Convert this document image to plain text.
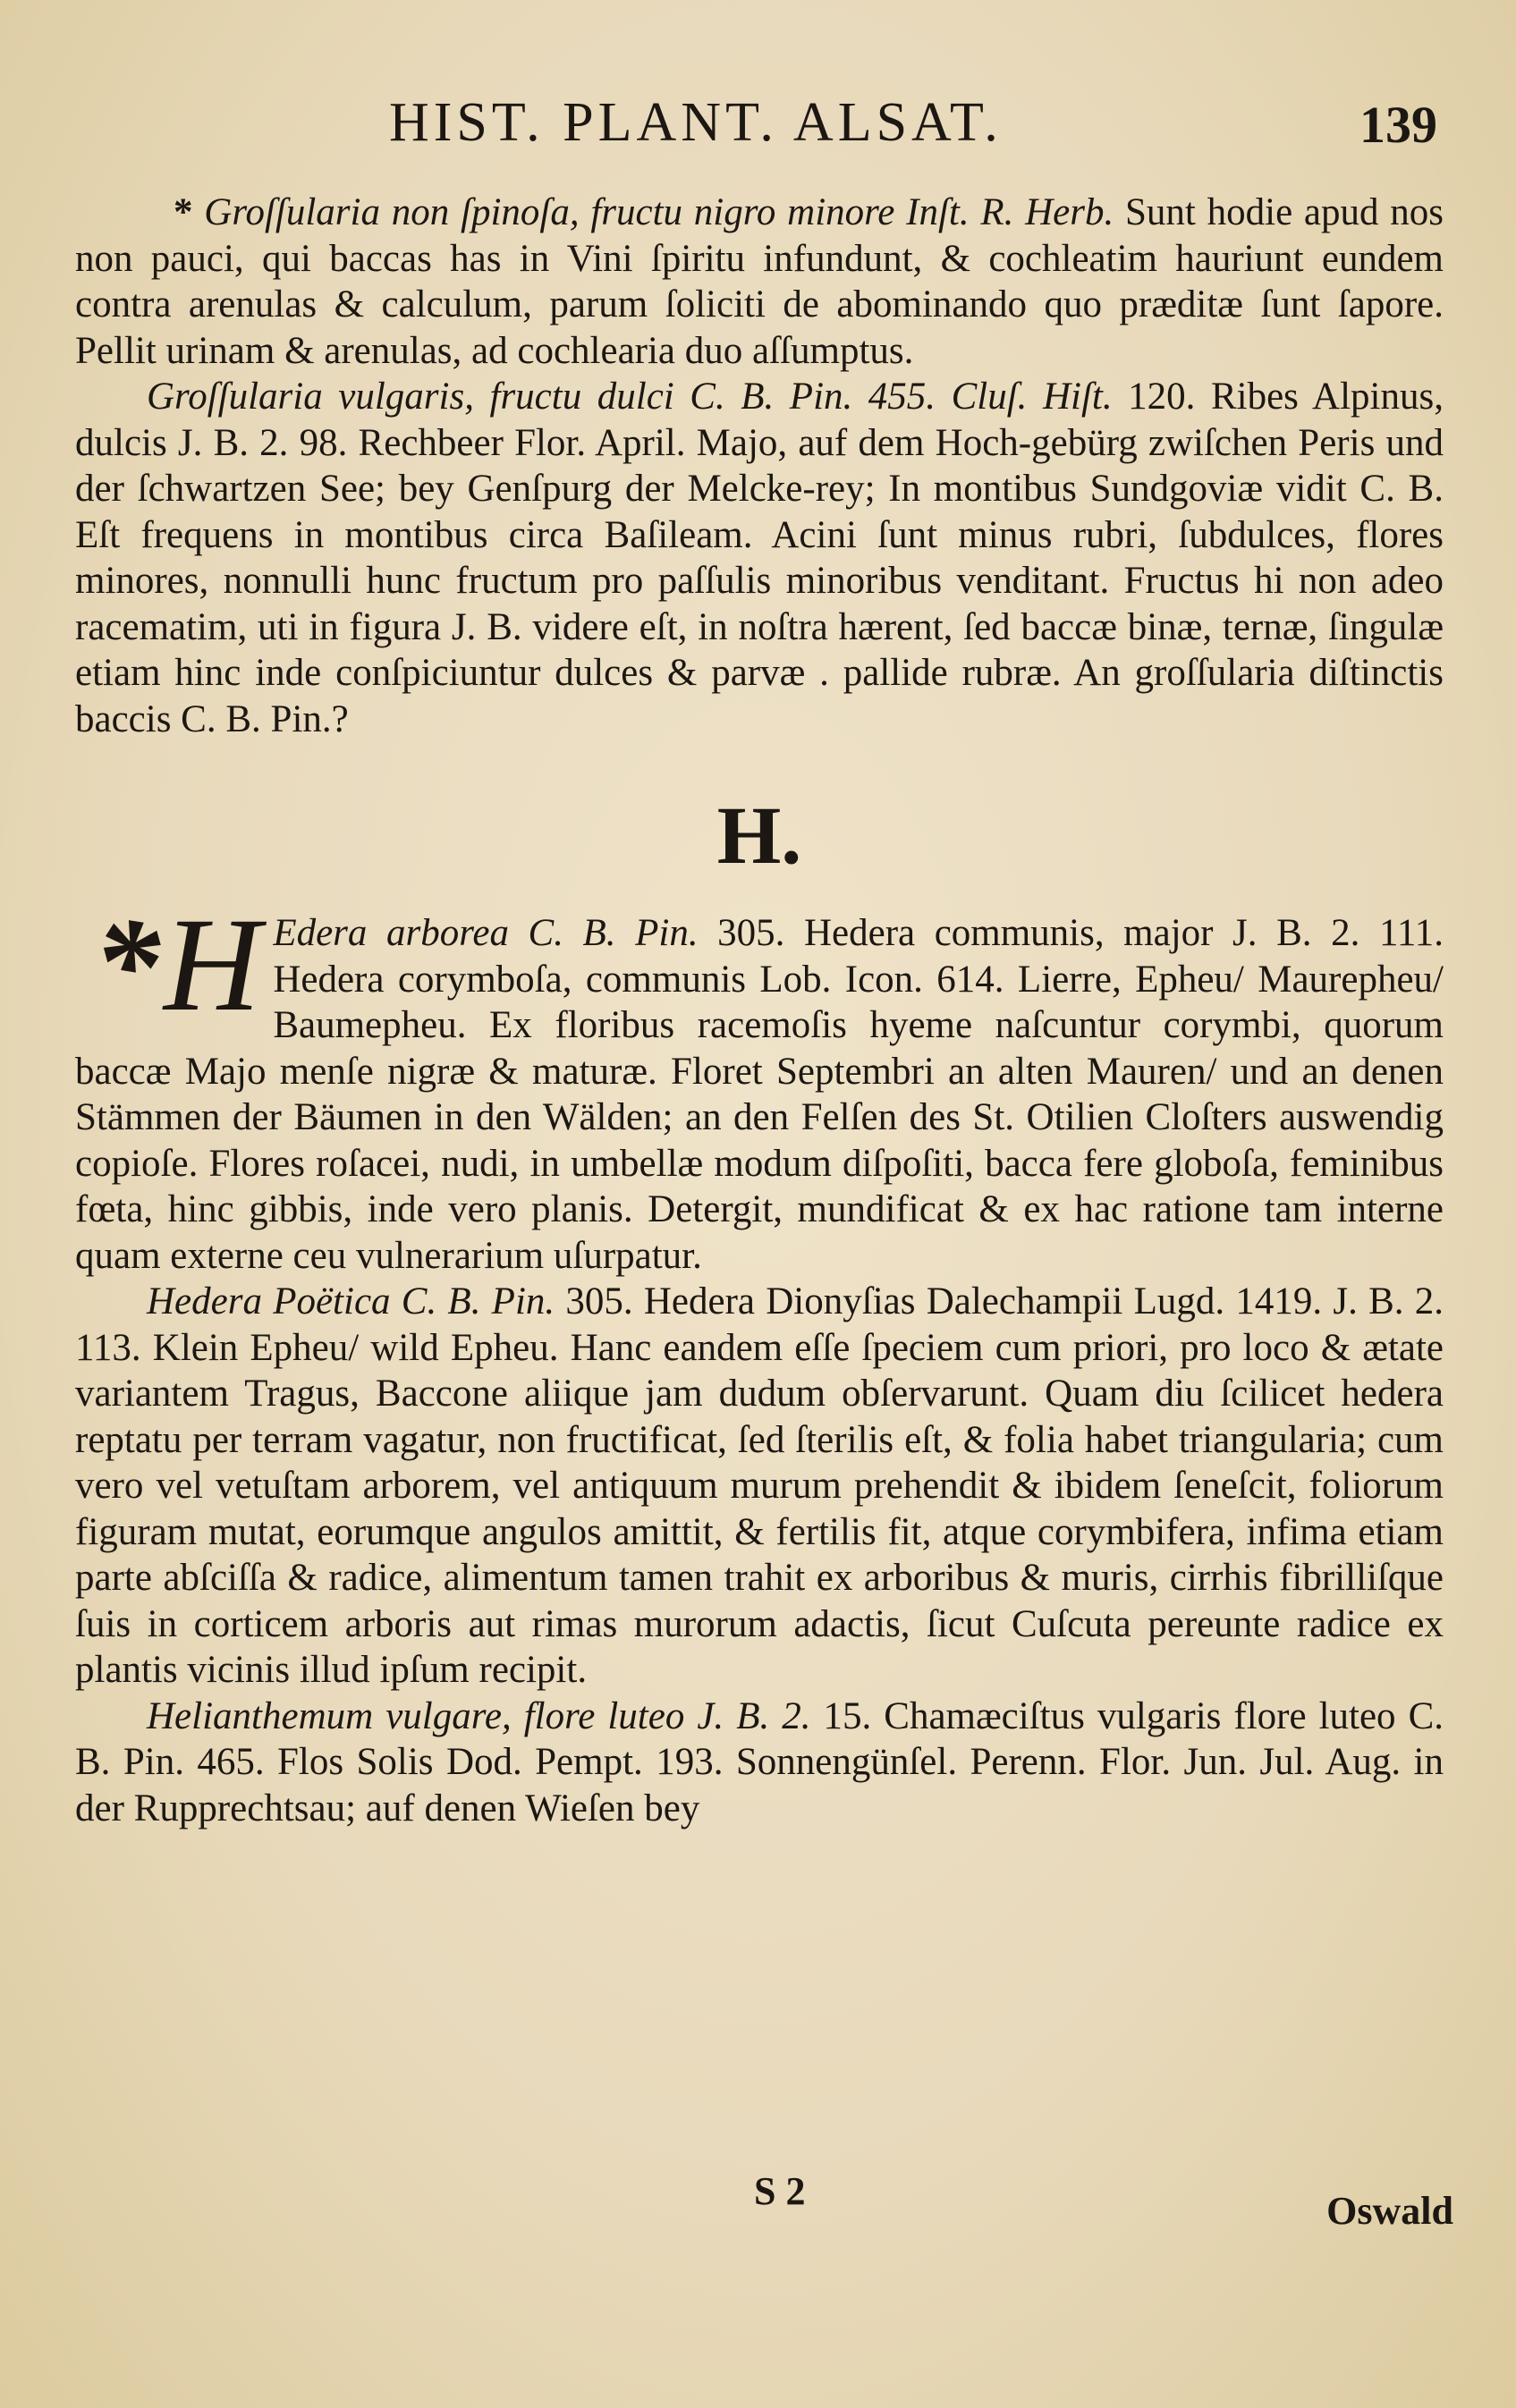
HIST. PLANT. ALSAT.	139

* Groſſularia non ſpinoſa, fructu nigro minore Inſt. R. Herb. Sunt hodie apud nos non pauci, qui baccas has in Vini ſpiritu infundunt, & cochleatim hauriunt eundem contra arenulas & calculum, parum ſoliciti de abominando quo præditæ ſunt ſapore. Pellit urinam & arenulas, ad cochlearia duo aſſumptus.

Groſſularia vulgaris, fructu dulci C. B. Pin. 455. Cluſ. Hiſt. 120. Ribes Alpinus, dulcis J. B. 2. 98. Rechbeer Flor. April. Majo, auf dem Hoch-gebürg zwiſchen Peris und der ſchwartzen See; bey Genſpurg der Melcke-rey; In montibus Sundgoviæ vidit C. B. Eſt frequens in montibus circa Baſileam. Acini ſunt minus rubri, ſubdulces, flores minores, nonnulli hunc fructum pro paſſulis minoribus venditant. Fructus hi non adeo racematim, uti in figura J. B. videre eſt, in noſtra hærent, ſed baccæ binæ, ternæ, ſingulæ etiam hinc inde conſpiciuntur dulces & parvæ . pallide rubræ. An groſſularia diſtinctis baccis C. B. Pin.?

H.

*H Edera arborea C. B. Pin. 305. Hedera communis, major J. B. 2. 111. Hedera corymboſa, communis Lob. Icon. 614. Lierre, Epheu/ Maurepheu/ Baumepheu. Ex floribus racemoſis hyeme naſcuntur corymbi, quorum baccæ Majo menſe nigræ & maturæ. Floret Septembri an alten Mauren/ und an denen Stämmen der Bäumen in den Wälden; an den Felſen des St. Otilien Cloſters auswendig copioſe. Flores roſacei, nudi, in umbellæ modum diſpoſiti, bacca fere globoſa, feminibus fœta, hinc gibbis, inde vero planis. Detergit, mundificat & ex hac ratione tam interne quam externe ceu vulnerarium uſurpatur.

Hedera Poëtica C. B. Pin. 305. Hedera Dionyſias Dalechampii Lugd. 1419. J. B. 2. 113. Klein Epheu/ wild Epheu. Hanc eandem eſſe ſpeciem cum priori, pro loco & ætate variantem Tragus, Baccone aliique jam dudum obſervarunt. Quam diu ſcilicet hedera reptatu per terram vagatur, non fructificat, ſed ſterilis eſt, & folia habet triangularia; cum vero vel vetuſtam arborem, vel antiquum murum prehendit & ibidem ſeneſcit, foliorum figuram mutat, eorumque angulos amittit, & fertilis fit, atque corymbifera, infima etiam parte abſciſſa & radice, alimentum tamen trahit ex arboribus & muris, cirrhis fibrilliſque ſuis in corticem arboris aut rimas murorum adactis, ſicut Cuſcuta pereunte radice ex plantis vicinis illud ipſum recipit.

Helianthemum vulgare, flore luteo J. B. 2. 15. Chamæciſtus vulgaris flore luteo C. B. Pin. 465. Flos Solis Dod. Pempt. 193. Sonnengünſel. Perenn. Flor. Jun. Jul. Aug. in der Rupprechtsau; auf denen Wieſen bey

S 2	Oswald
